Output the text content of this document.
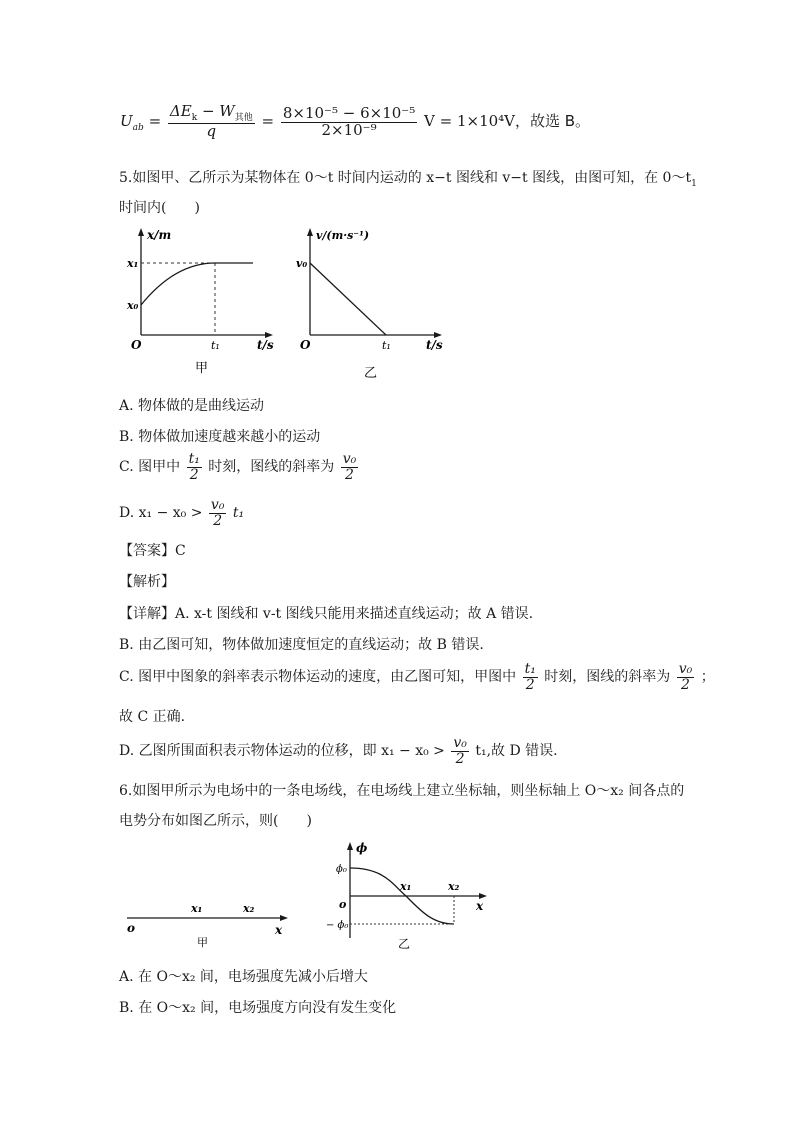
$U_{ab} = \frac{\Delta E_k - W_{其他}}{q} = \frac{\text{8×10⁻⁵ − 6×10⁻⁵}}{\text{2×10⁻⁹}}$ V = 1×10⁴V，故选 B。
5.如图甲、乙所示为某物体在 0～t 时间内运动的 x−t 图线和 v−t 图线，由图可知，在 $0\sim t_1$
时间内(　　)
x/m
x₁
x₀
O	t₁	t/s
甲
v/(m·s⁻¹)
v₀
O	t₁	t/s
乙
A. 物体做的是曲线运动
B. 物体做加速度越来越小的运动
C. 图甲中 $\frac{\text{t₁}}{2}$ 时刻，图线的斜率为 $\frac{\text{v₀}}{2}$
D. $x_1 - x_0 > \frac{\text{v₀}}{2} t_1$
【答案】C
【解析】
【详解】A. x-t 图线和 v-t 图线只能用来描述直线运动；故 A 错误.
B. 由乙图可知，物体做加速度恒定的直线运动；故 B 错误.
C. 图甲中图象的斜率表示物体运动的速度，由乙图可知，甲图中 $\frac{\text{t₁}}{2}$ 时刻，图线的斜率为 $\frac{\text{v₀}}{2}$ ；
故 C 正确.
D. 乙图所围面积表示物体运动的位移，即 $x_1 - x_0 > \frac{\text{v₀}}{2} t_1$,故 D 错误.
6.如图甲所示为电场中的一条电场线，在电场线上建立坐标轴，则坐标轴上 O～x₂ 间各点的
电势分布如图乙所示，则(　　)
o
x₁	x₂
x
甲
ϕ
ϕ₀
o
− ϕ₀
x₁	x₂
x
乙
A. 在 O～x₂ 间，电场强度先减小后增大
B. 在 O～x₂ 间，电场强度方向没有发生变化
